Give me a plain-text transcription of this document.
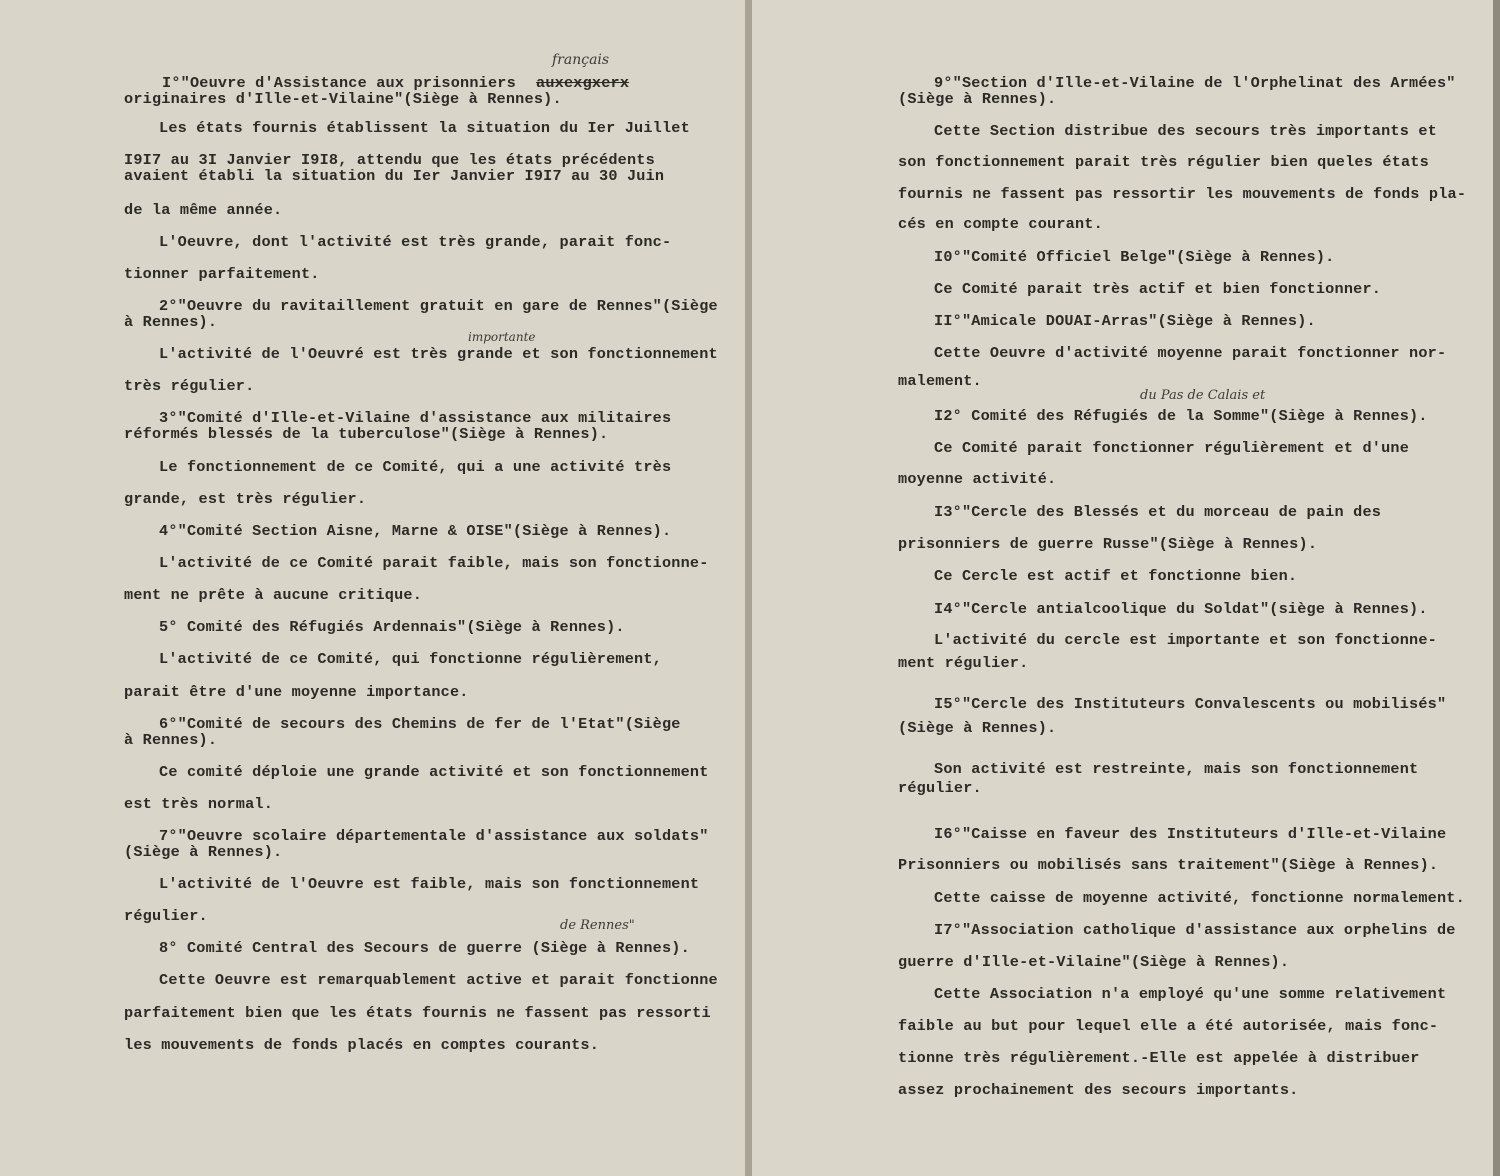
français
auxexgxerx
importante
de Rennes"
I°"Oeuvre d'Assistance aux prisonniers
originaires d'Ille-et-Vilaine"(Siège à Rennes).
Les états fournis établissent la situation du Ier Juillet
I9I7 au 3I Janvier I9I8, attendu que les états précédents
avaient établi la situation du Ier Janvier I9I7 au 30 Juin
de la même année.
L'Oeuvre, dont l'activité est très grande, parait fonc-
tionner parfaitement.
2°"Oeuvre du ravitaillement gratuit en gare de Rennes"(Siège
à Rennes).
L'activité de l'Oeuvré est très grande et son fonctionnement
très régulier.
3°"Comité d'Ille-et-Vilaine d'assistance aux militaires
réformés blessés de la tuberculose"(Siège à Rennes).
Le fonctionnement de ce Comité, qui a une activité très
grande, est très régulier.
4°"Comité Section Aisne, Marne & OISE"(Siège à Rennes).
L'activité de ce Comité parait faible, mais son fonctionne-
ment ne prête à aucune critique.
5° Comité des Réfugiés Ardennais"(Siège à Rennes).
L'activité de ce Comité, qui fonctionne régulièrement,
parait être d'une moyenne importance.
6°"Comité de secours des Chemins de fer de l'Etat"(Siège
à Rennes).
Ce comité déploie une grande activité et son fonctionnement
est très normal.
7°"Oeuvre scolaire départementale d'assistance aux soldats"
(Siège à Rennes).
L'activité de l'Oeuvre est faible, mais son fonctionnement
régulier.
8° Comité Central des Secours de guerre (Siège à Rennes).
Cette Oeuvre est remarquablement active et parait fonctionne
parfaitement bien que les états fournis ne fassent pas ressorti
les mouvements de fonds placés en comptes courants.
du Pas de Calais et
9°"Section d'Ille-et-Vilaine de l'Orphelinat des Armées"
(Siège à Rennes).
Cette Section distribue des secours très importants et
son fonctionnement parait très régulier bien queles états
fournis ne fassent pas ressortir les mouvements de fonds pla-
cés en compte courant.
I0°"Comité Officiel Belge"(Siège à Rennes).
Ce Comité parait très actif et bien fonctionner.
II°"Amicale DOUAI-Arras"(Siège à Rennes).
Cette Oeuvre d'activité moyenne parait fonctionner nor-
malement.
I2° Comité des Réfugiés de la Somme"(Siège à Rennes).
Ce Comité parait fonctionner régulièrement et d'une
moyenne activité.
I3°"Cercle des Blessés et du morceau de pain des
prisonniers de guerre Russe"(Siège à Rennes).
Ce Cercle est actif et fonctionne bien.
I4°"Cercle antialcoolique du Soldat"(siège à Rennes).
L'activité du cercle est importante et son fonctionne-
ment régulier.
I5°"Cercle des Instituteurs Convalescents ou mobilisés"
(Siège à Rennes).
Son activité est restreinte, mais son fonctionnement
régulier.
I6°"Caisse en faveur des Instituteurs d'Ille-et-Vilaine
Prisonniers ou mobilisés sans traitement"(Siège à Rennes).
Cette caisse de moyenne activité, fonctionne normalement.
I7°"Association catholique d'assistance aux orphelins de
guerre d'Ille-et-Vilaine"(Siège à Rennes).
Cette Association n'a employé qu'une somme relativement
faible au but pour lequel elle a été autorisée, mais fonc-
tionne très régulièrement.-Elle est appelée à distribuer
assez prochainement des secours importants.
